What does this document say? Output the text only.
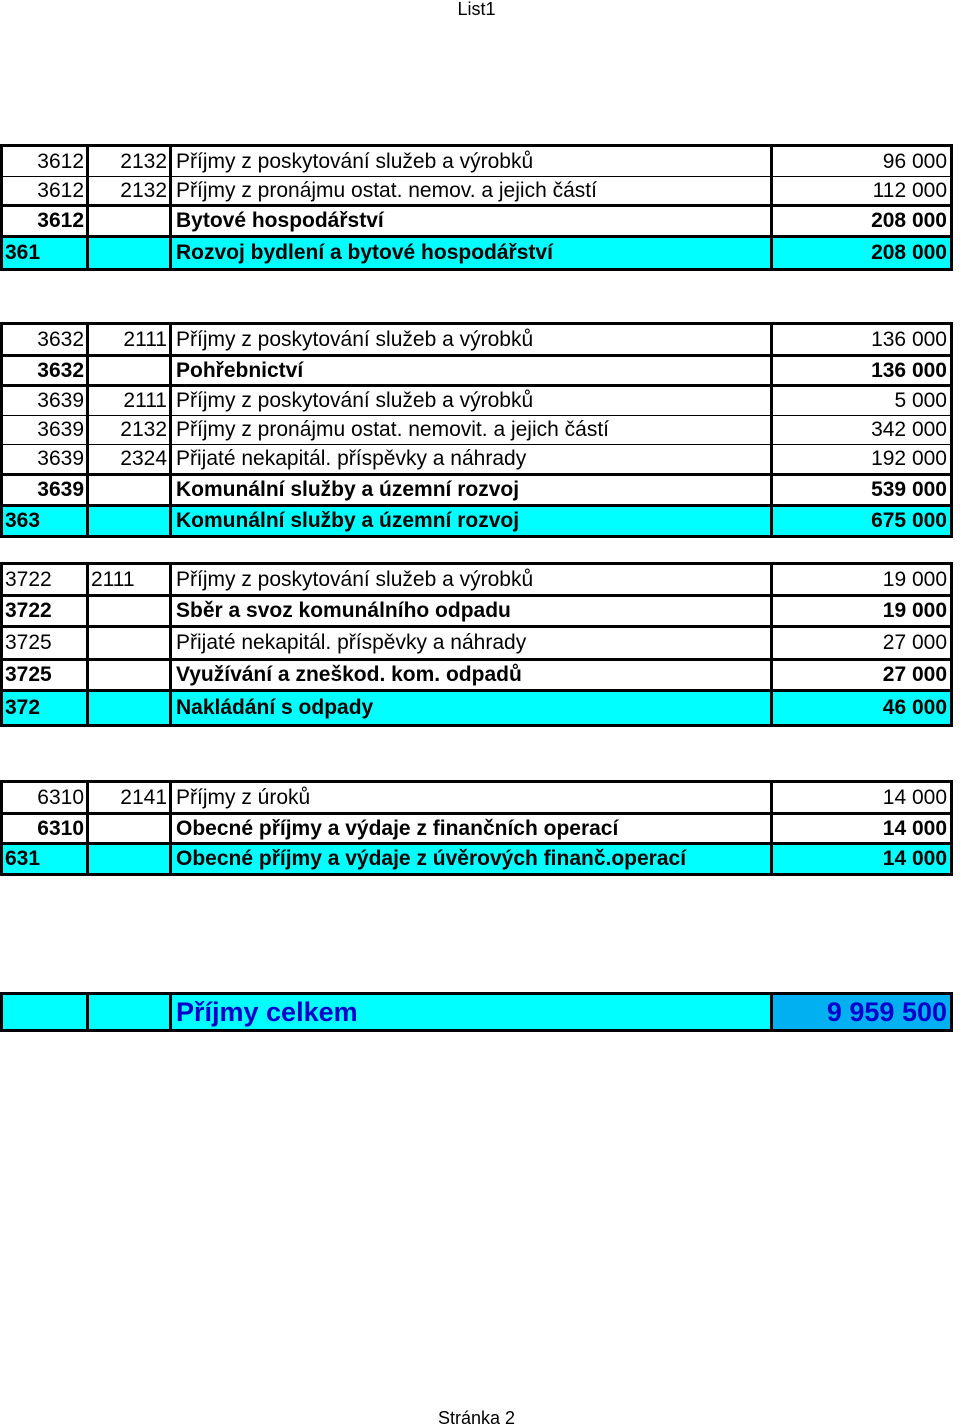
List1
3612	2132 Příjmy z poskytování služeb a výrobků	96 000
3612	2132 Příjmy z pronájmu ostat. nemov. a jejich částí	112 000
3612	Bytové hospodářství	208 000
361	Rozvoj bydlení a bytové hospodářství	208 000
3632	2111 Příjmy z poskytování služeb a výrobků	136 000
3632	Pohřebnictví	136 000
3639	2111 Příjmy z poskytování služeb a výrobků	5 000
3639	2132 Příjmy z pronájmu ostat. nemovit. a jejich částí	342 000
3639	2324 Přijaté nekapitál. příspěvky a náhrady	192 000
3639	Komunální služby a územní rozvoj	539 000
363	Komunální služby a územní rozvoj	675 000
3722	2111	Příjmy z poskytování služeb a výrobků	19 000
3722	Sběr a svoz komunálního odpadu	19 000
3725	Přijaté nekapitál. příspěvky a náhrady	27 000
3725	Využívání a zneškod. kom. odpadů	27 000
372	Nakládání s odpady	46 000
6310	2141 Příjmy z úroků	14 000
6310	Obecné příjmy a výdaje z finančních operací	14 000
631	Obecné příjmy a výdaje z úvěrových finanč.operací	14 000
Příjmy celkem	9 959 500
Stránka 2
